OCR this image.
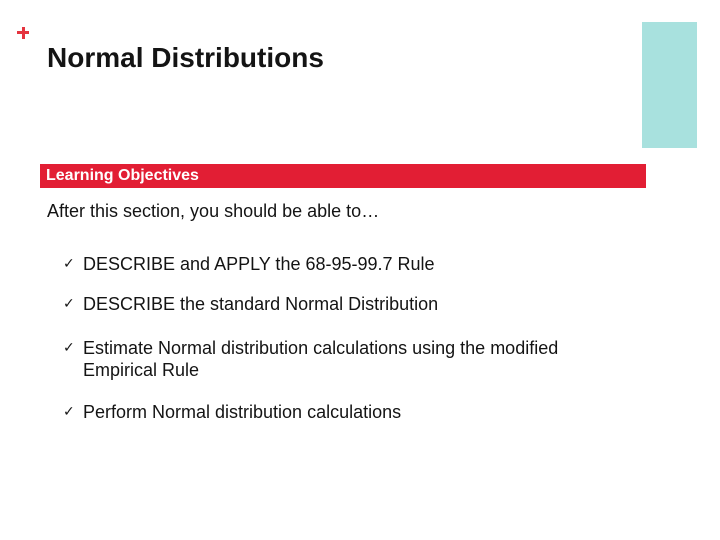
Normal Distributions
Learning Objectives
After this section, you should be able to…
✓ DESCRIBE and APPLY the 68-95-99.7 Rule
✓ DESCRIBE the standard Normal Distribution
✓ Estimate Normal distribution calculations using the modified Empirical Rule
✓ Perform Normal distribution calculations
